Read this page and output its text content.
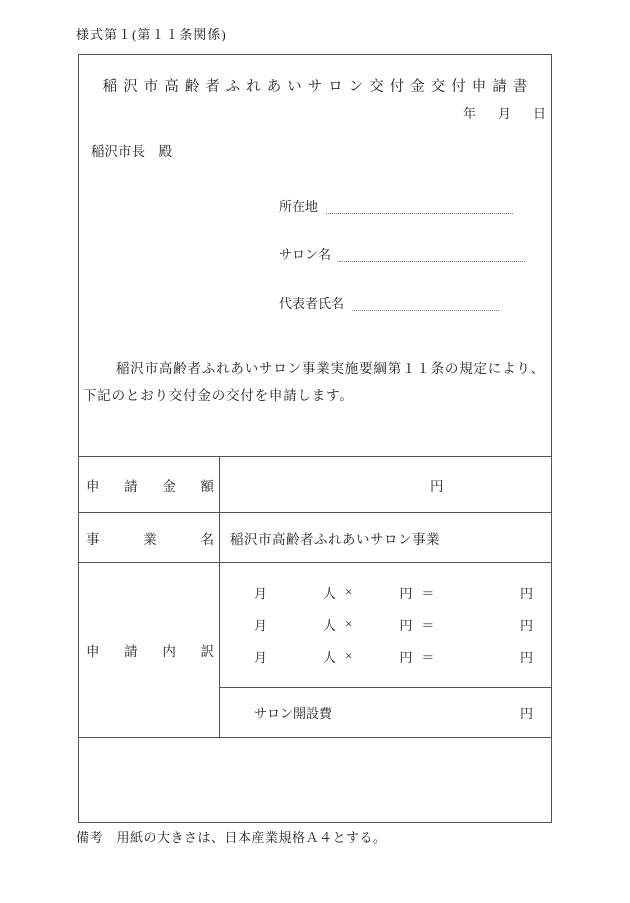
様式第１(第１１条関係)
稲沢市高齢者ふれあいサロン交付金交付申請書
年 月 日
稲沢市長　殿
所在地
サロン名
代表者氏名
稲沢市高齢者ふれあいサロン事業実施要綱第１１条の規定により、
下記のとおり交付金の交付を申請します。
申 請 金 額	円
事	業	名 稲沢市高齢者ふれあいサロン事業
申 請 内 訳
月	人 ×	円 ＝	円
月	人 ×	円 ＝	円
月	人 ×	円 ＝	円
サロン開設費	円
備考　用紙の大きさは、日本産業規格Ａ４とする。
